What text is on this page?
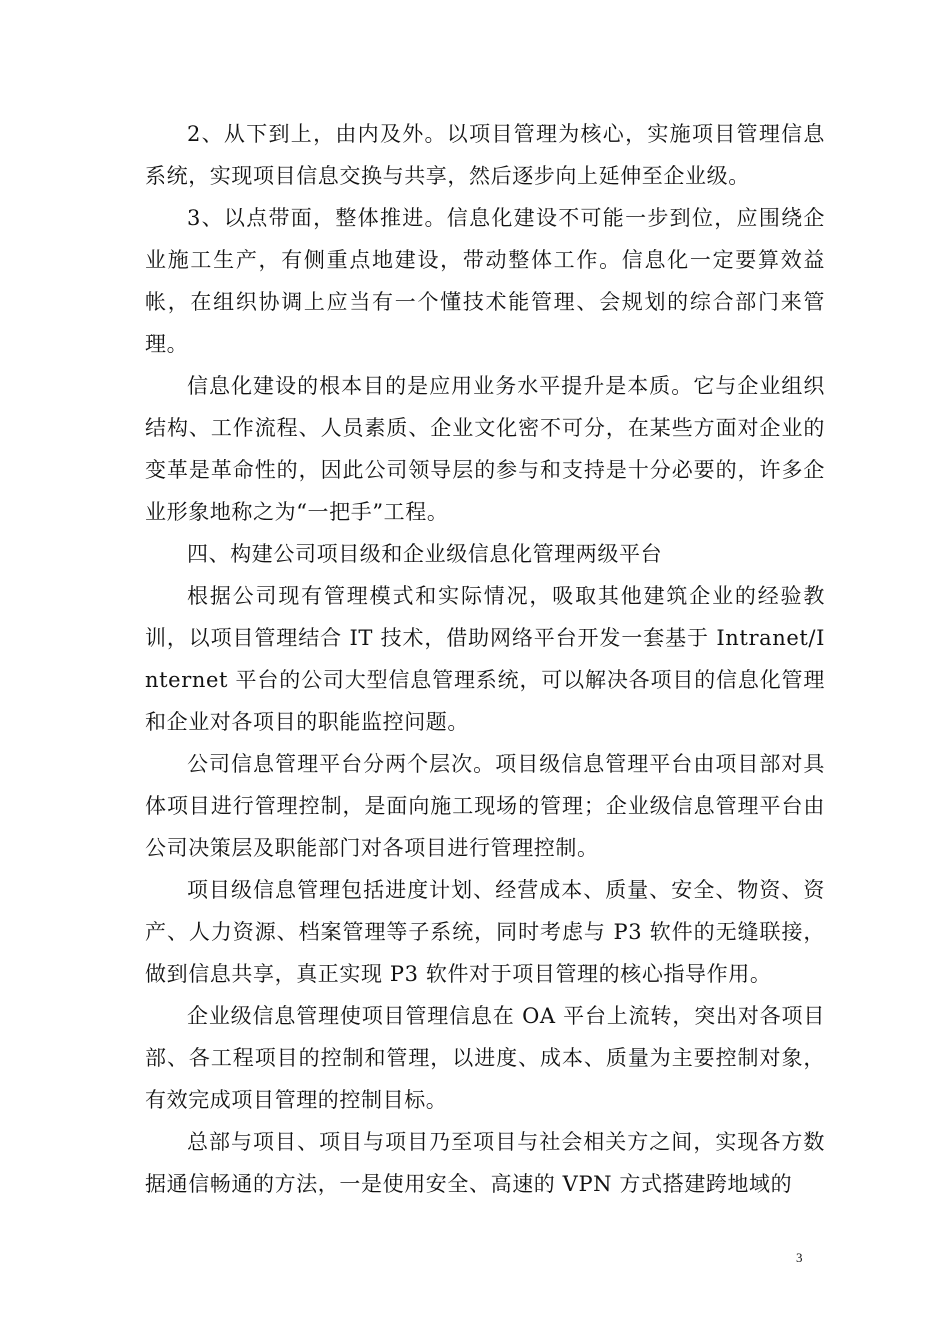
2、从下到上，由内及外。以项目管理为核心，实施项目管理信息系统，实现项目信息交换与共享，然后逐步向上延伸至企业级。

3、以点带面，整体推进。信息化建设不可能一步到位，应围绕企业施工生产，有侧重点地建设，带动整体工作。信息化一定要算效益帐，在组织协调上应当有一个懂技术能管理、会规划的综合部门来管理。

信息化建设的根本目的是应用业务水平提升是本质。它与企业组织结构、工作流程、人员素质、企业文化密不可分，在某些方面对企业的变革是革命性的，因此公司领导层的参与和支持是十分必要的，许多企业形象地称之为“一把手”工程。

四、构建公司项目级和企业级信息化管理两级平台

根据公司现有管理模式和实际情况，吸取其他建筑企业的经验教训，以项目管理结合 IT 技术，借助网络平台开发一套基于 Intranet/Internet 平台的公司大型信息管理系统，可以解决各项目的信息化管理和企业对各项目的职能监控问题。

公司信息管理平台分两个层次。项目级信息管理平台由项目部对具体项目进行管理控制，是面向施工现场的管理；企业级信息管理平台由公司决策层及职能部门对各项目进行管理控制。

项目级信息管理包括进度计划、经营成本、质量、安全、物资、资产、人力资源、档案管理等子系统，同时考虑与 P3 软件的无缝联接，做到信息共享，真正实现 P3 软件对于项目管理的核心指导作用。

企业级信息管理使项目管理信息在 OA 平台上流转，突出对各项目部、各工程项目的控制和管理，以进度、成本、质量为主要控制对象，有效完成项目管理的控制目标。

总部与项目、项目与项目乃至项目与社会相关方之间，实现各方数据通信畅通的方法，一是使用安全、高速的 VPN 方式搭建跨地域的

3
